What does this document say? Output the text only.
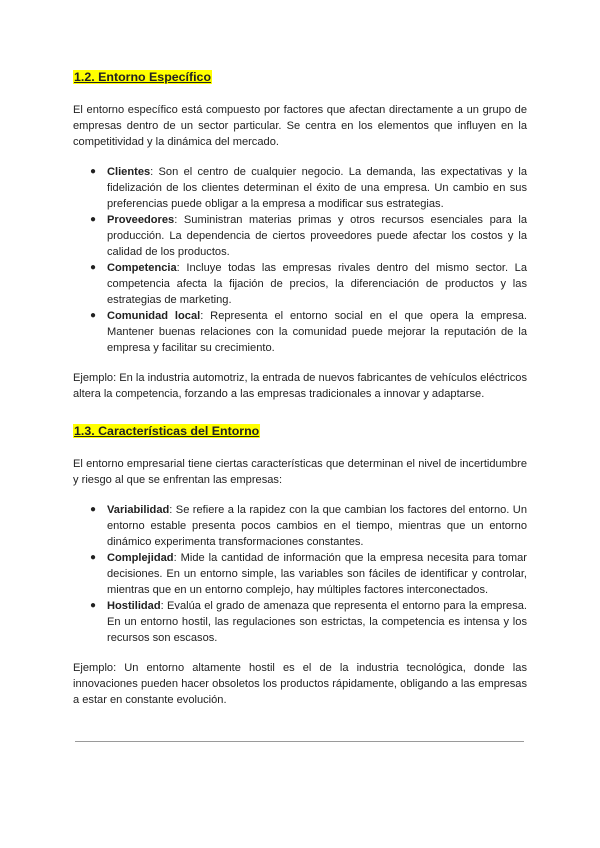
1.2. Entorno Específico

El entorno específico está compuesto por factores que afectan directamente a un grupo de empresas dentro de un sector particular. Se centra en los elementos que influyen en la competitividad y la dinámica del mercado.

● Clientes: Son el centro de cualquier negocio. La demanda, las expectativas y la fidelización de los clientes determinan el éxito de una empresa. Un cambio en sus preferencias puede obligar a la empresa a modificar sus estrategias.
● Proveedores: Suministran materias primas y otros recursos esenciales para la producción. La dependencia de ciertos proveedores puede afectar los costos y la calidad de los productos.
● Competencia: Incluye todas las empresas rivales dentro del mismo sector. La competencia afecta la fijación de precios, la diferenciación de productos y las estrategias de marketing.
● Comunidad local: Representa el entorno social en el que opera la empresa. Mantener buenas relaciones con la comunidad puede mejorar la reputación de la empresa y facilitar su crecimiento.

Ejemplo: En la industria automotriz, la entrada de nuevos fabricantes de vehículos eléctricos altera la competencia, forzando a las empresas tradicionales a innovar y adaptarse.

1.3. Características del Entorno

El entorno empresarial tiene ciertas características que determinan el nivel de incertidumbre y riesgo al que se enfrentan las empresas:

● Variabilidad: Se refiere a la rapidez con la que cambian los factores del entorno. Un entorno estable presenta pocos cambios en el tiempo, mientras que un entorno dinámico experimenta transformaciones constantes.
● Complejidad: Mide la cantidad de información que la empresa necesita para tomar decisiones. En un entorno simple, las variables son fáciles de identificar y controlar, mientras que en un entorno complejo, hay múltiples factores interconectados.
● Hostilidad: Evalúa el grado de amenaza que representa el entorno para la empresa. En un entorno hostil, las regulaciones son estrictas, la competencia es intensa y los recursos son escasos.

Ejemplo: Un entorno altamente hostil es el de la industria tecnológica, donde las innovaciones pueden hacer obsoletos los productos rápidamente, obligando a las empresas a estar en constante evolución.
